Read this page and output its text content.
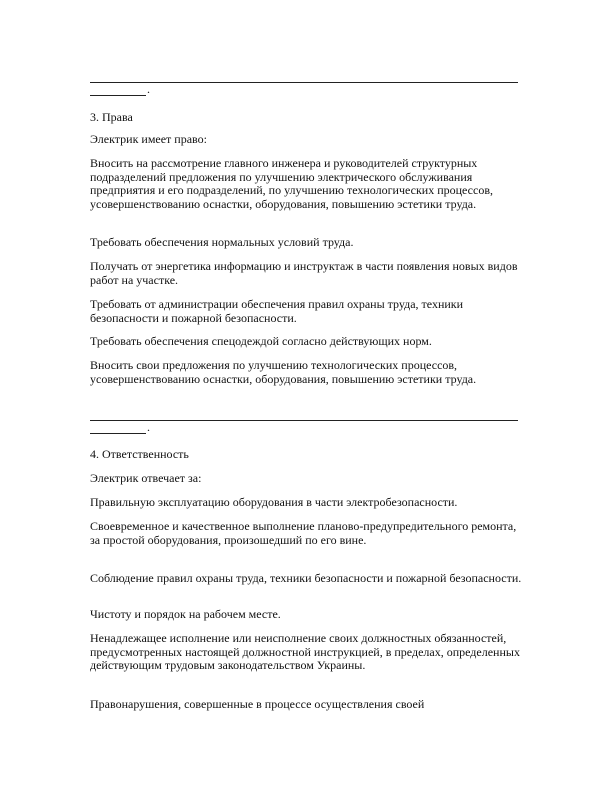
.
3. Права
Электрик имеет право:

Вносить на рассмотрение главного инженера и руководителей структурных подразделений предложения по улучшению электрического обслуживания предприятия и его подразделений, по улучшению технологических процессов, усовершенствованию оснастки, оборудования, повышению эстетики труда.

Требовать обеспечения нормальных условий труда.

Получать от энергетика информацию и инструктаж в части появления новых видов работ на участке.

Требовать от администрации обеспечения правил охраны труда, техники безопасности и пожарной безопасности.

Требовать обеспечения спецодеждой согласно действующих норм.

Вносить свои предложения по улучшению технологических процессов, усовершенствованию оснастки, оборудования, повышению эстетики труда.

.
4. Ответственность
Электрик отвечает за:

Правильную эксплуатацию оборудования в части электробезопасности.

Своевременное и качественное выполнение планово-предупредительного ремонта, за простой оборудования, произошедший по его вине.

Соблюдение правил охраны труда, техники безопасности и пожарной безопасности.

Чистоту и порядок на рабочем месте.

Ненадлежащее исполнение или неисполнение своих должностных обязанностей, предусмотренных настоящей должностной инструкцией, в пределах, определенных действующим трудовым законодательством Украины.

Правонарушения, совершенные в процессе осуществления своей
